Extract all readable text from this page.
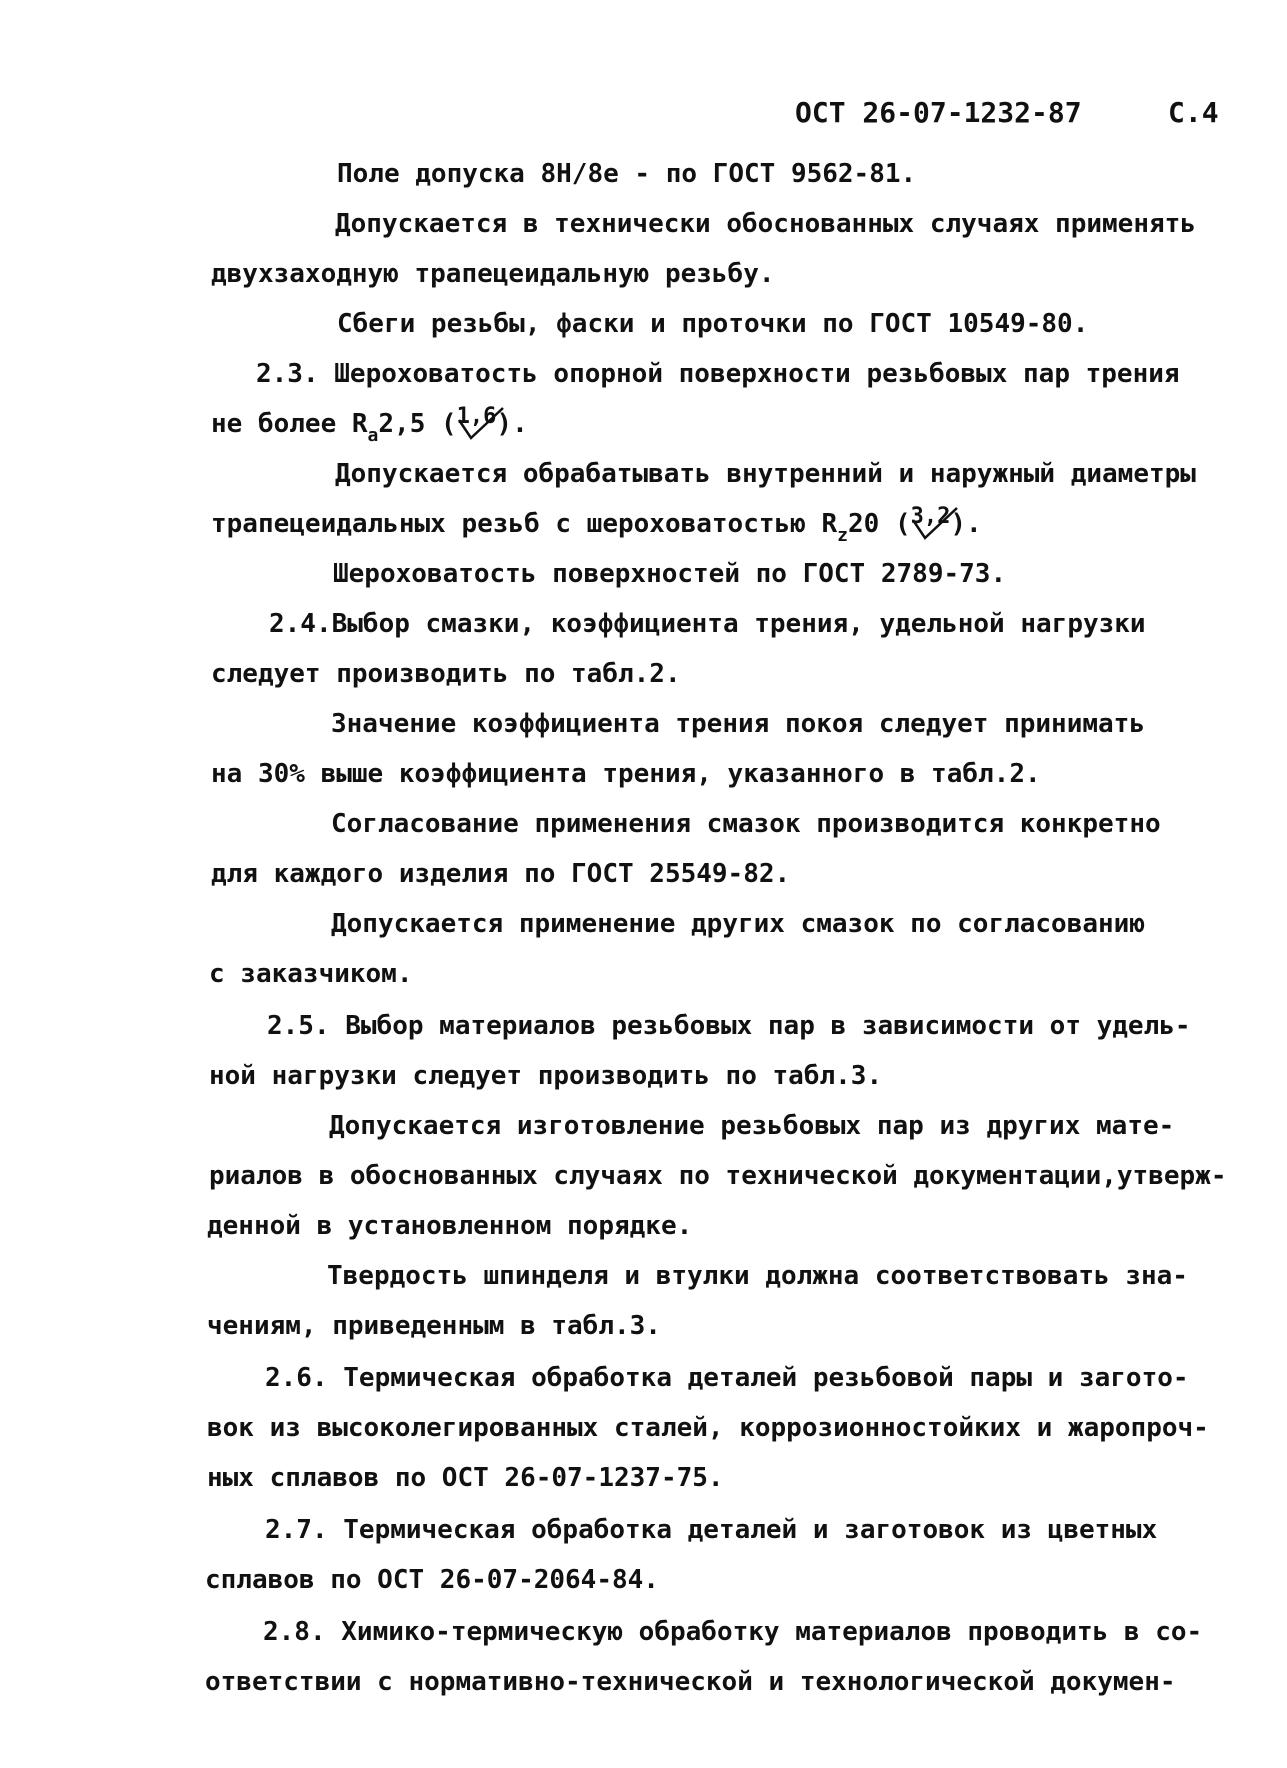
ОСТ 26-07-1232-87	С.4
Поле допуска 8H/8e - по ГОСТ 9562-81.
Допускается в технически обоснованных случаях применять
двухзаходную трапецеидальную резьбу.
Сбеги резьбы, фаски и проточки по ГОСТ 10549-80.
2.3. Шероховатость опорной поверхности резьбовых пар трения
не более $R_a2,5$ (
$^{1,6}$).
Допускается обрабатывать внутренний и наружный диаметры
трапецеидальных резьб с шероховатостью $R_z20$ (
$^{3,2}$).
Шероховатость поверхностей по ГОСТ 2789-73.
2.4.Выбор смазки, коэффициента трения, удельной нагрузки
следует производить по табл.2.
Значение коэффициента трения покоя следует принимать
на 30% выше коэффициента трения, указанного в табл.2.
Согласование применения смазок производится конкретно
для каждого изделия по ГОСТ 25549-82.
Допускается применение других смазок по согласованию
с заказчиком.
2.5. Выбор материалов резьбовых пар в зависимости от удель-
ной нагрузки следует производить по табл.3.
Допускается изготовление резьбовых пар из других мате-
риалов в обоснованных случаях по технической документации,утверж-
денной в установленном порядке.
Твердость шпинделя и втулки должна соответствовать зна-
чениям, приведенным в табл.3.
2.6. Термическая обработка деталей резьбовой пары и загото-
вок из высоколегированных сталей, коррозионностойких и жаропроч-
ных сплавов по ОСТ 26-07-1237-75.
2.7. Термическая обработка деталей и заготовок из цветных
сплавов по ОСТ 26-07-2064-84.
2.8. Химико-термическую обработку материалов проводить в со-
ответствии с нормативно-технической и технологической докумен-
